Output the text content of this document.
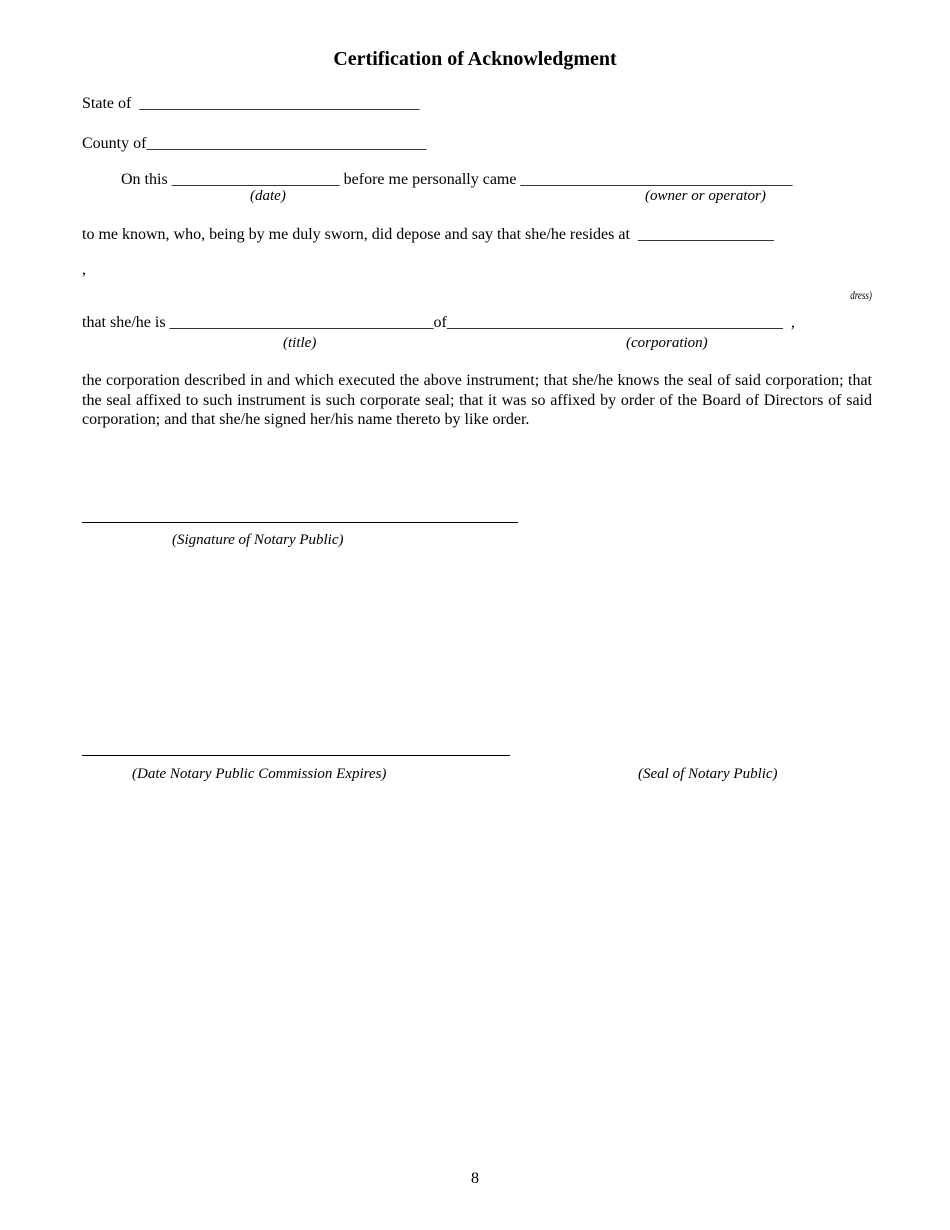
Certification of Acknowledgment
State of  ___________________________________
County of___________________________________
On this _____________________ before me personally came __________________________________
(date)	(owner or operator)
to me known, who, being by me duly sworn, did depose and say that she/he resides at  _________________
,
dress)
that she/he is _________________________________of__________________________________________  ,
(title)	(corporation)
the corporation described in and which executed the above instrument; that she/he knows the seal of said corporation; that the seal affixed to such instrument is such corporate seal; that it was so affixed by order of the Board of Directors of said corporation; and that she/he signed her/his name thereto by like order.
(Signature of Notary Public)
(Date Notary Public Commission Expires)	(Seal of Notary Public)
8
